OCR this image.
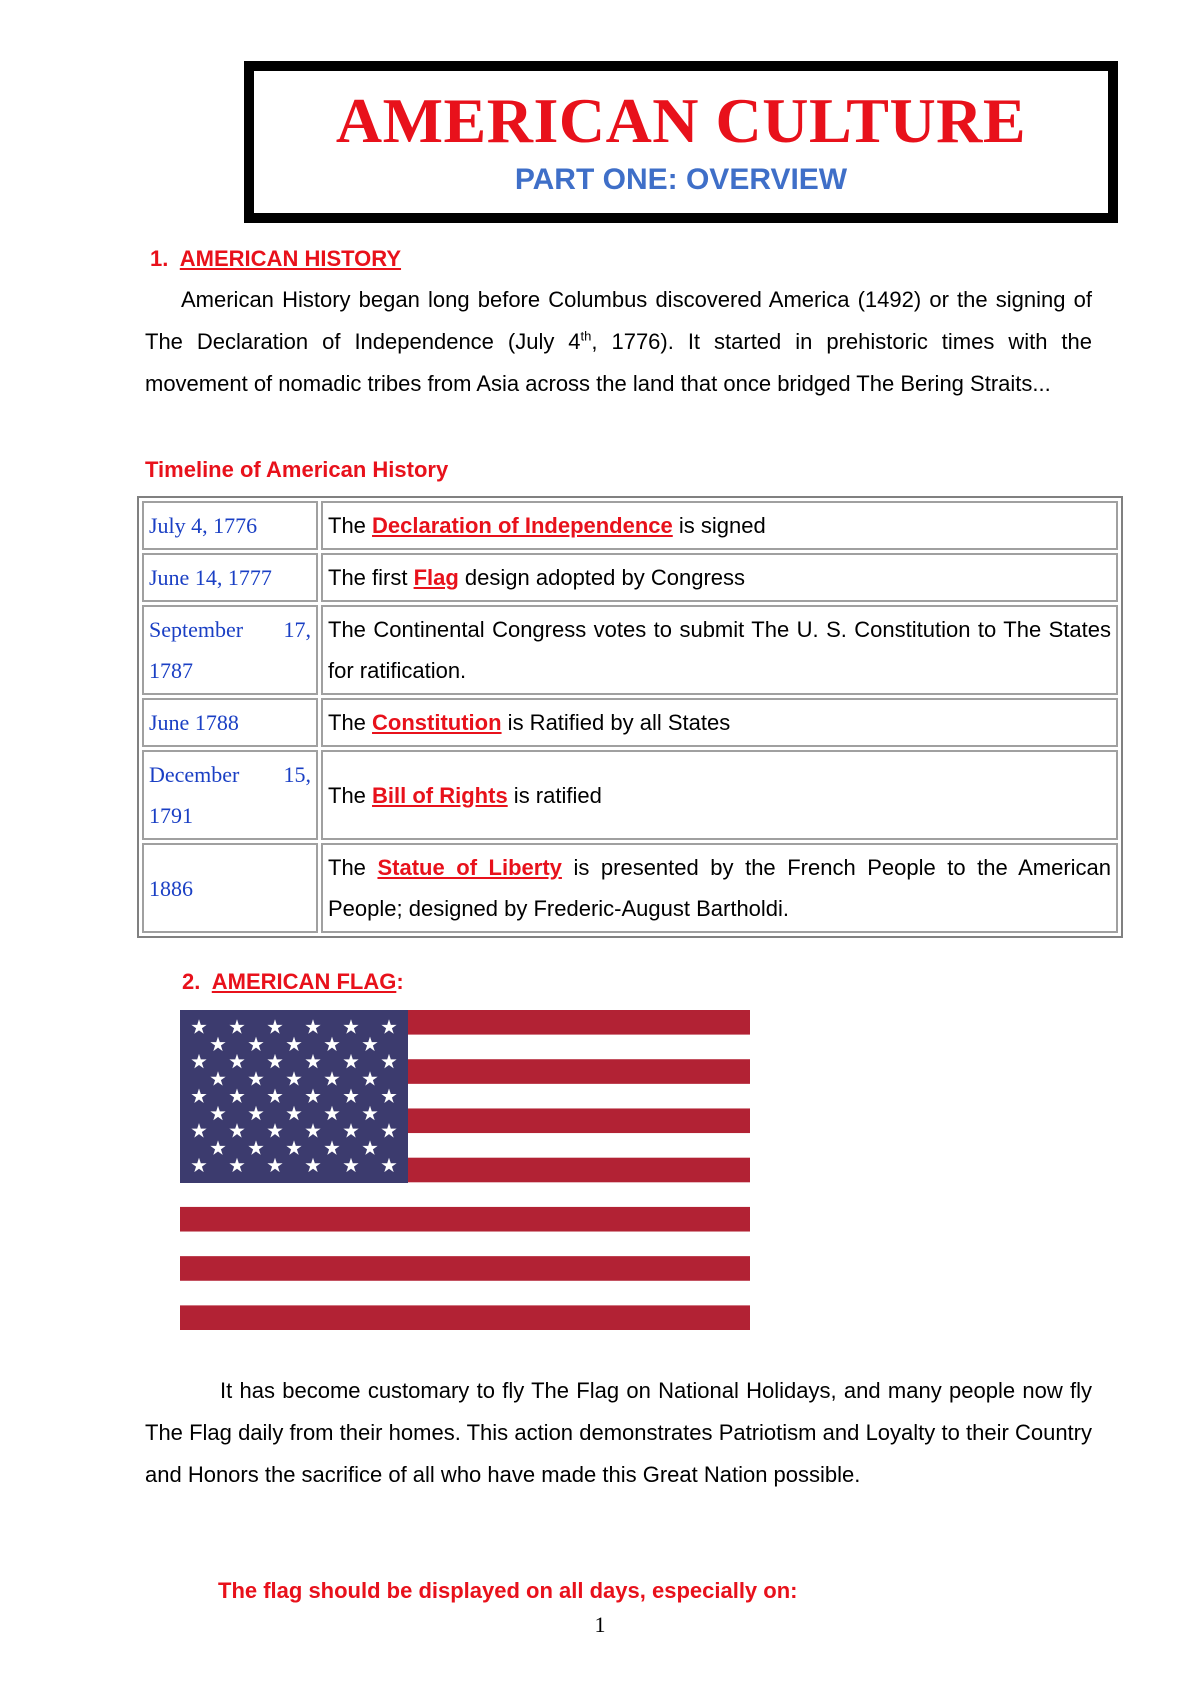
AMERICAN CULTURE
PART ONE: OVERVIEW
1. AMERICAN HISTORY
American History began long before Columbus discovered America (1492) or the signing of The Declaration of Independence (July 4th, 1776). It started in prehistoric times with the movement of nomadic tribes from Asia across the land that once bridged The Bering Straits...
Timeline of American History
July 4, 1776	The Declaration of Independence is signed
June 14, 1777	The first Flag design adopted by Congress
September 17, 1787	The Continental Congress votes to submit The U. S. Constitution to The States for ratification.
June 1788	The Constitution is Ratified by all States
December 15, 1791	The Bill of Rights is ratified
1886	The Statue of Liberty is presented by the French People to the American People; designed by Frederic-August Bartholdi.
2. AMERICAN FLAG:
It has become customary to fly The Flag on National Holidays, and many people now fly The Flag daily from their homes. This action demonstrates Patriotism and Loyalty to their Country and Honors the sacrifice of all who have made this Great Nation possible.
The flag should be displayed on all days, especially on:
1
